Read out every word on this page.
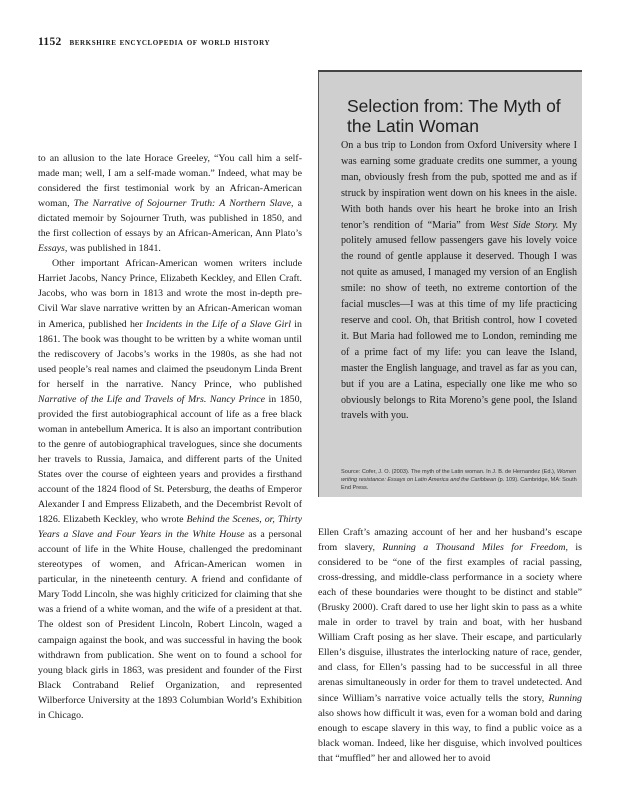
1152 berkshire encyclopedia of world history
Selection from: The Myth of the Latin Woman

On a bus trip to London from Oxford University where I was earning some graduate credits one summer, a young man, obviously fresh from the pub, spotted me and as if struck by inspiration went down on his knees in the aisle. With both hands over his heart he broke into an Irish tenor’s rendition of “Maria” from West Side Story. My politely amused fellow passengers gave his lovely voice the round of gentle applause it deserved. Though I was not quite as amused, I managed my version of an English smile: no show of teeth, no extreme contortion of the facial muscles—I was at this time of my life practicing reserve and cool. Oh, that British control, how I coveted it. But Maria had followed me to London, reminding me of a prime fact of my life: you can leave the Island, master the English language, and travel as far as you can, but if you are a Latina, especially one like me who so obviously belongs to Rita Moreno’s gene pool, the Island travels with you.

Source: Cofer, J. O. (2003). The myth of the Latin woman. In J. B. de Hernandez (Ed.), Women writing resistance: Essays on Latin America and the Caribbean (p. 109). Cambridge, MA: South End Press.

to an allusion to the late Horace Greeley, “You call him a self-made man; well, I am a self-made woman.” Indeed, what may be considered the first testimonial work by an African-American woman, The Narrative of Sojourner Truth: A Northern Slave, a dictated memoir by Sojourner Truth, was published in 1850, and the first collection of essays by an African-American, Ann Plato’s Essays, was published in 1841.

Other important African-American women writers include Harriet Jacobs, Nancy Prince, Elizabeth Keckley, and Ellen Craft. Jacobs, who was born in 1813 and wrote the most in-depth pre-Civil War slave narrative written by an African-American woman in America, published her Incidents in the Life of a Slave Girl in 1861. The book was thought to be written by a white woman until the rediscovery of Jacobs’s works in the 1980s, as she had not used people’s real names and claimed the pseudonym Linda Brent for herself in the narrative. Nancy Prince, who published Narrative of the Life and Travels of Mrs. Nancy Prince in 1850, provided the first autobiographical account of life as a free black woman in antebellum America. It is also an important contribution to the genre of autobiographical travelogues, since she documents her travels to Russia, Jamaica, and different parts of the United States over the course of eighteen years and provides a firsthand account of the 1824 flood of St. Petersburg, the deaths of Emperor Alexander I and Empress Elizabeth, and the Decembrist Revolt of 1826. Elizabeth Keckley, who wrote Behind the Scenes, or, Thirty Years a Slave and Four Years in the White House as a personal account of life in the White House, challenged the predominant stereotypes of women, and African-American women in particular, in the nineteenth century. A friend and confidante of Mary Todd Lincoln, she was highly criticized for claiming that she was a friend of a white woman, and the wife of a president at that. The oldest son of President Lincoln, Robert Lincoln, waged a campaign against the book, and was successful in having the book withdrawn from publication. She went on to found a school for young black girls in 1863, was president and founder of the First Black Contraband Relief Organization, and represented Wilberforce University at the 1893 Columbian World’s Exhibition in Chicago.

Ellen Craft’s amazing account of her and her husband’s escape from slavery, Running a Thousand Miles for Freedom, is considered to be “one of the first examples of racial passing, cross-dressing, and middle-class performance in a society where each of these boundaries were thought to be distinct and stable” (Brusky 2000). Craft dared to use her light skin to pass as a white male in order to travel by train and boat, with her husband William Craft posing as her slave. Their escape, and particularly Ellen’s disguise, illustrates the interlocking nature of race, gender, and class, for Ellen’s passing had to be successful in all three arenas simultaneously in order for them to travel undetected. And since William’s narrative voice actually tells the story, Running also shows how difficult it was, even for a woman bold and daring enough to escape slavery in this way, to find a public voice as a black woman. Indeed, like her disguise, which involved poultices that “muffled” her and allowed her to avoid
